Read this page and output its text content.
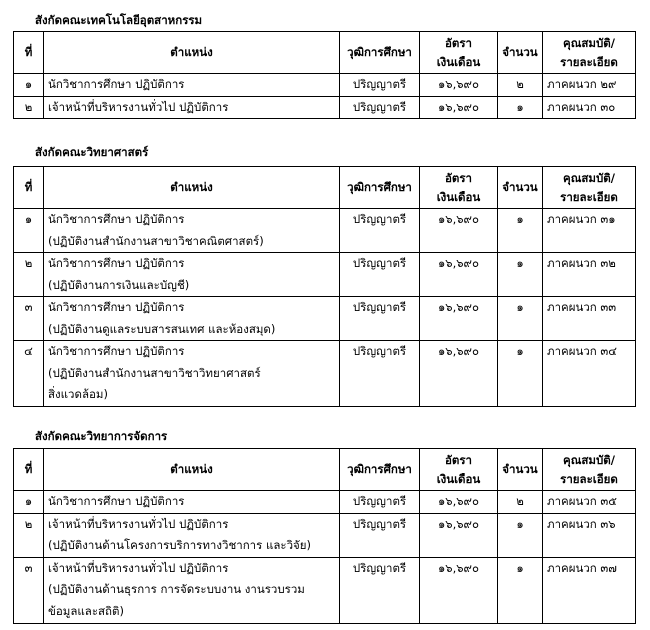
สังกัดคณะเทคโนโลยีอุตสาหกรรม
ที่	ตำแหน่ง	วุฒิการศึกษา	อัตรา
เงินเดือน	จำนวน	คุณสมบัติ/
รายละเอียด

๑	นักวิชาการศึกษา ปฏิบัติการ	ปริญญาตรี	๑๖,๖๙๐	๒	ภาคผนวก ๒๙
๒	เจ้าหน้าที่บริหารงานทั่วไป ปฏิบัติการ	ปริญญาตรี	๑๖,๖๙๐	๑	ภาคผนวก ๓๐
สังกัดคณะวิทยาศาสตร์
ที่	ตำแหน่ง	วุฒิการศึกษา	อัตรา
เงินเดือน	จำนวน	คุณสมบัติ/
รายละเอียด

๑	นักวิชาการศึกษา ปฏิบัติการ
(ปฏิบัติงานสำนักงานสาขาวิชาคณิตศาสตร์)	ปริญญาตรี	๑๖,๖๙๐	๑	ภาคผนวก ๓๑
๒	นักวิชาการศึกษา ปฏิบัติการ
(ปฏิบัติงานการเงินและบัญชี)	ปริญญาตรี	๑๖,๖๙๐	๑	ภาคผนวก ๓๒
๓	นักวิชาการศึกษา ปฏิบัติการ
(ปฏิบัติงานดูแลระบบสารสนเทศ และห้องสมุด)	ปริญญาตรี	๑๖,๖๙๐	๑	ภาคผนวก ๓๓
๔	นักวิชาการศึกษา ปฏิบัติการ
(ปฏิบัติงานสำนักงานสาขาวิชาวิทยาศาสตร์
สิ่งแวดล้อม)	ปริญญาตรี	๑๖,๖๙๐	๑	ภาคผนวก ๓๔
สังกัดคณะวิทยาการจัดการ
ที่	ตำแหน่ง	วุฒิการศึกษา	อัตรา
เงินเดือน	จำนวน	คุณสมบัติ/
รายละเอียด

๑	นักวิชาการศึกษา ปฏิบัติการ	ปริญญาตรี	๑๖,๖๙๐	๒	ภาคผนวก ๓๕
๒	เจ้าหน้าที่บริหารงานทั่วไป ปฏิบัติการ
(ปฏิบัติงานด้านโครงการบริการทางวิชาการ และวิจัย)	ปริญญาตรี	๑๖,๖๙๐	๑	ภาคผนวก ๓๖
๓	เจ้าหน้าที่บริหารงานทั่วไป ปฏิบัติการ
(ปฏิบัติงานด้านธุรการ การจัดระบบงาน งานรวบรวม
ข้อมูลและสถิติ)	ปริญญาตรี	๑๖,๖๙๐	๑	ภาคผนวก ๓๗
